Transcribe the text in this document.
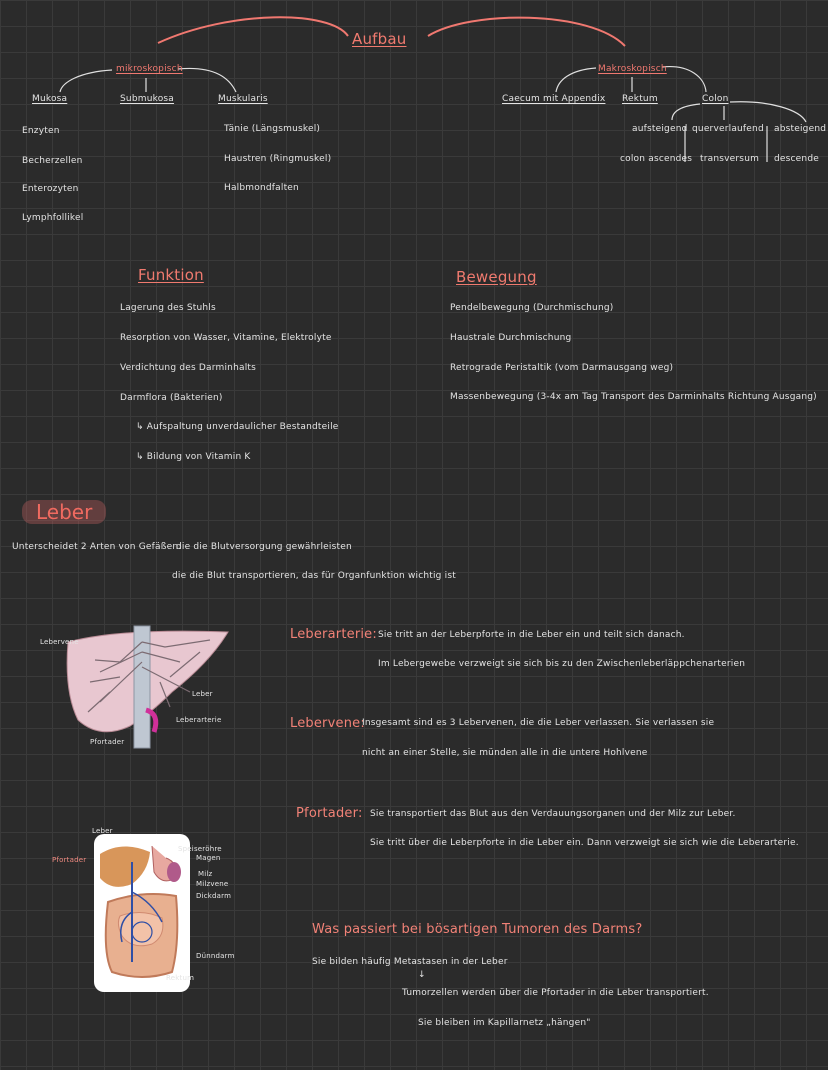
Aufbau
mikroskopisch
Mukosa	Submukosa	Muskularis
Enzyten
Becherzellen
Enterozyten
Lymphfollikel
Tänie (Längsmuskel)
Haustren (Ringmuskel)
Halbmondfalten
Makroskopisch
Caecum mit Appendix Rektum	Colon
aufsteigend querverlaufend absteigend
colon ascendes transversum descende
Funktion
Lagerung des Stuhls
Resorption von Wasser, Vitamine, Elektrolyte
Verdichtung des Darminhalts
Darmflora (Bakterien)
↳ Aufspaltung unverdaulicher Bestandteile
↳ Bildung von Vitamin K
Bewegung
Pendelbewegung (Durchmischung)
Haustrale Durchmischung
Retrograde Peristaltik (vom Darmausgang weg)
Massenbewegung (3-4x am Tag Transport des Darminhalts Richtung Ausgang)
Leber
Unterscheidet 2 Arten von Gefäßen:
die die Blutversorgung gewährleisten
die die Blut transportieren, das für Organfunktion wichtig ist
Lebervene
Leber
Leberarterie
Pfortader
Leberarterie: Sie tritt an der Leberpforte in die Leber ein und teilt sich danach.
Im Lebergewebe verzweigt sie sich bis zu den Zwischenleberläppchenarterien
Lebervene:
Insgesamt sind es 3 Lebervenen, die die Leber verlassen. Sie verlassen sie
nicht an einer Stelle, sie münden alle in die untere Hohlvene
Pfortader: Sie transportiert das Blut aus den Verdauungsorganen und der Milz zur Leber.
Sie tritt über die Leberpforte in die Leber ein. Dann verzweigt sie sich wie die Leberarterie.
Leber
Pfortader
Speiseröhre
Magen
Milz
Milzvene
Dickdarm
Dünndarm
Rektum
Was passiert bei bösartigen Tumoren des Darms?
Sie bilden häufig Metastasen in der Leber
↓
Tumorzellen werden über die Pfortader in die Leber transportiert.
Sie bleiben im Kapillarnetz „hängen"
